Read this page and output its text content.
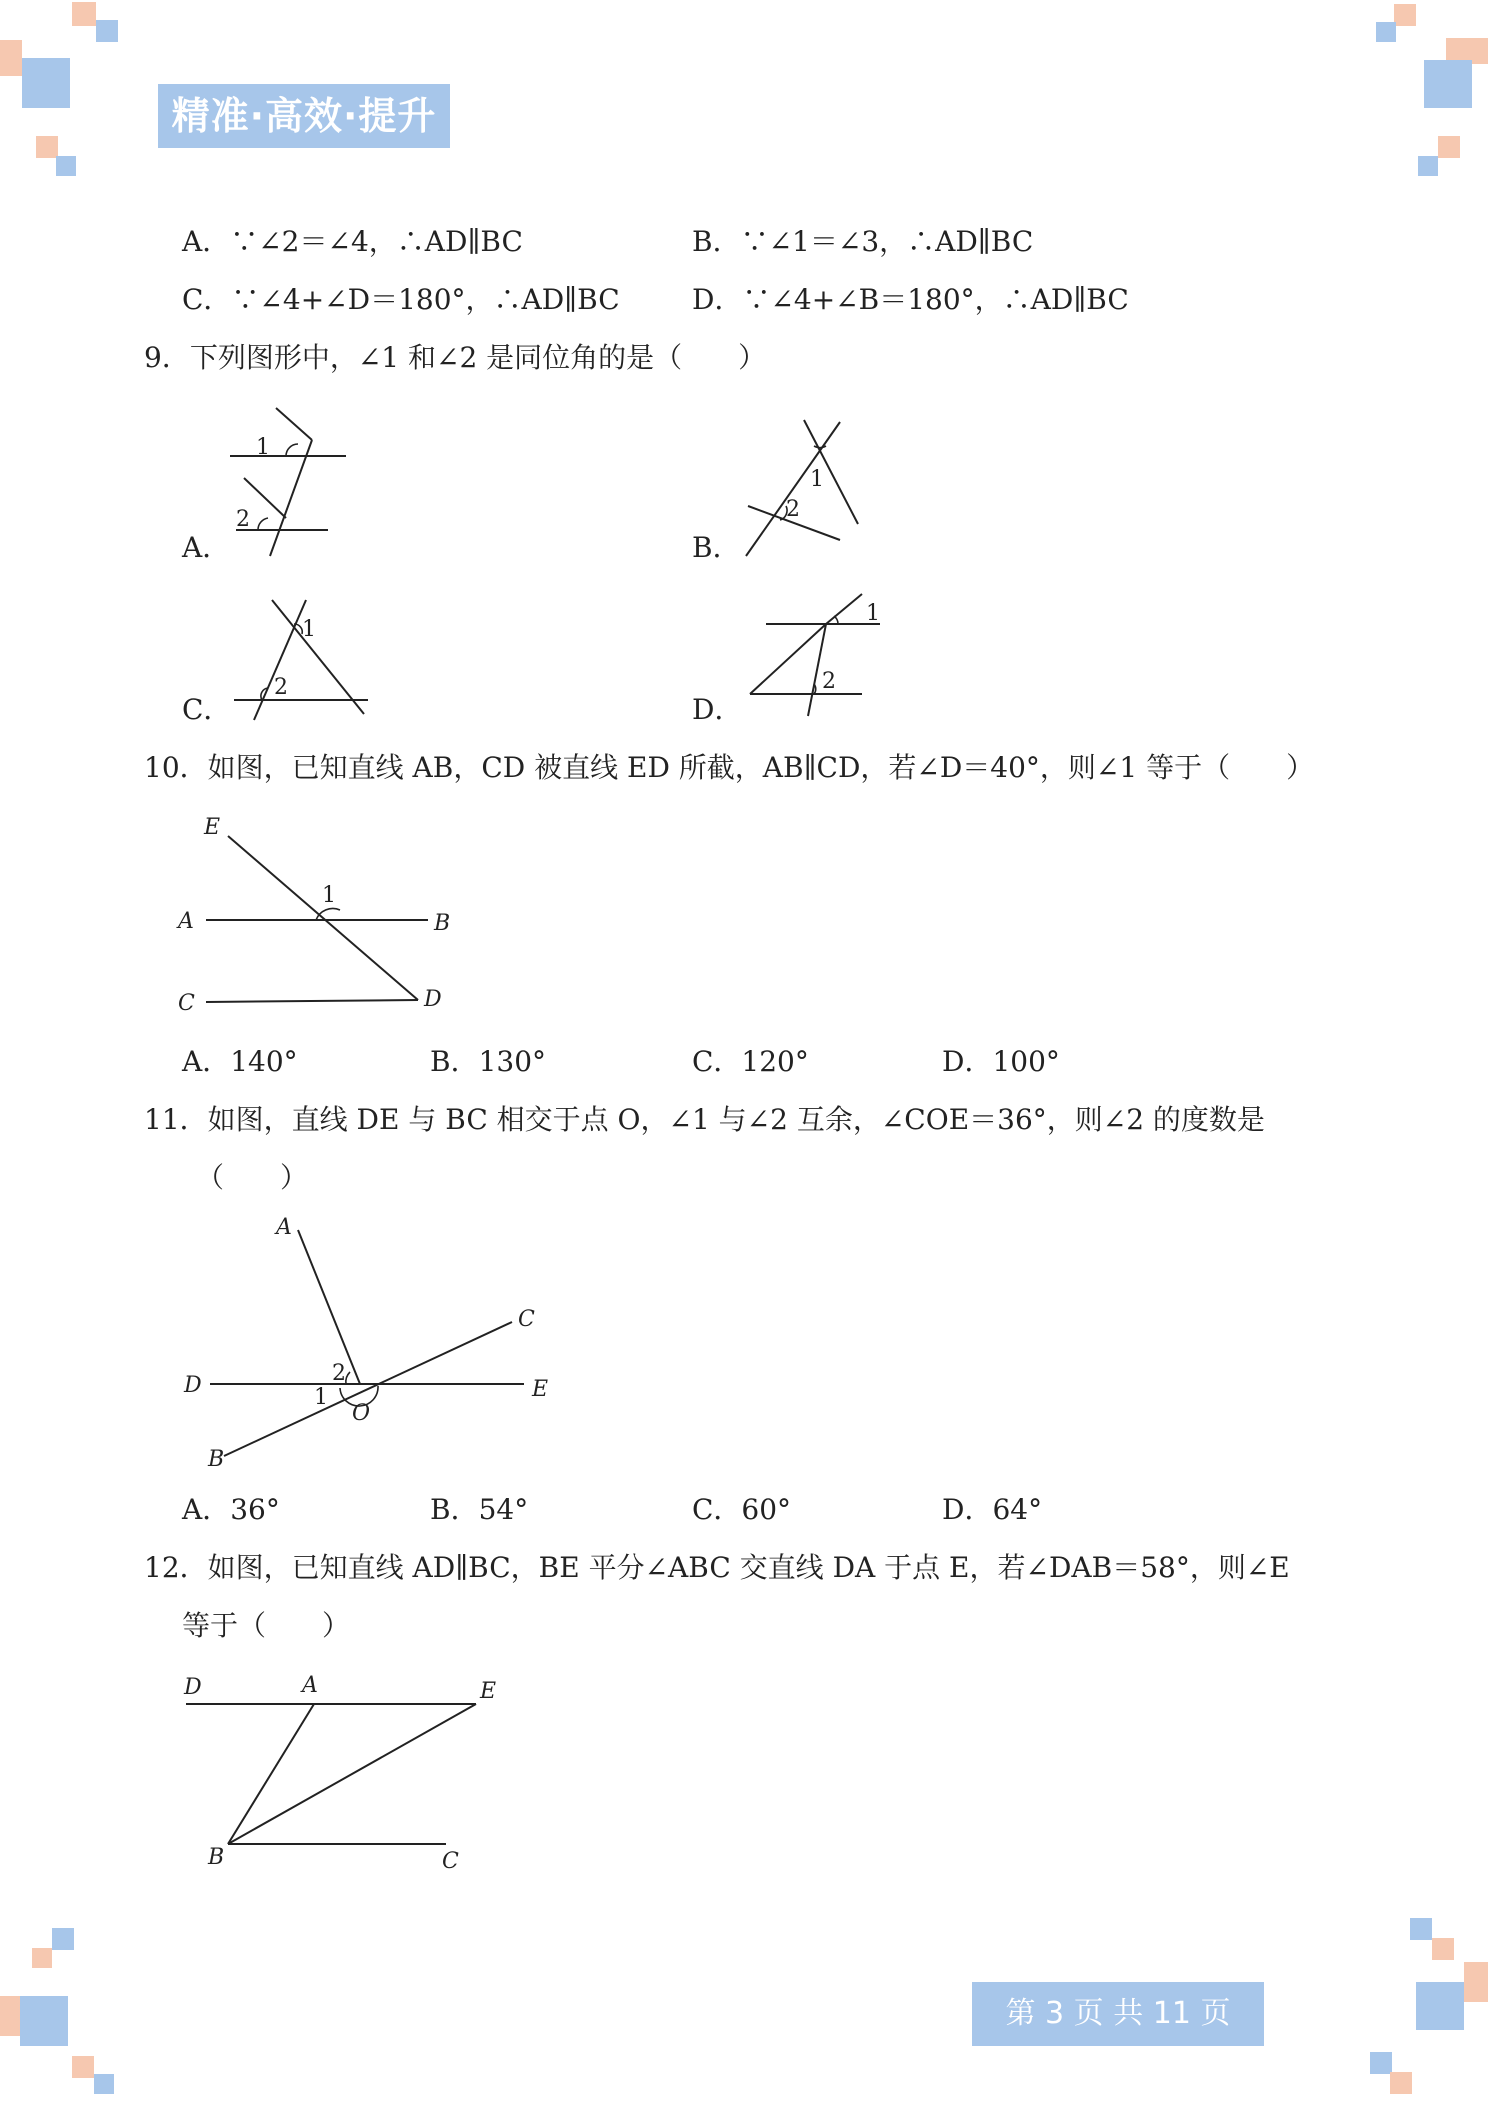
精准·高效·提升
A．∵∠2＝∠4，∴AD∥BC	B．∵∠1＝∠3，∴AD∥BC
C．∵∠4+∠D＝180°，∴AD∥BC	D．∵∠4+∠B＝180°，∴AD∥BC
9．下列图形中，∠1 和∠2 是同位角的是（　　）
A．
1
2
B．
1
2
C．
1
2
D．
1
2
10．如图，已知直线 AB，CD 被直线 ED 所截，AB∥CD，若∠D＝40°，则∠1 等于（　　）
E
A	B
C	D
1
A．140°	B．130°	C．120°	D．100°
11．如图，直线 DE 与 BC 相交于点 O，∠1 与∠2 互余，∠COE＝36°，则∠2 的度数是
（　　）
A
C
D	E
O
B
1
2
A．36°	B．54°	C．60°	D．64°
12．如图，已知直线 AD∥BC，BE 平分∠ABC 交直线 DA 于点 E，若∠DAB＝58°，则∠E
等于（　　）
D	A	E
B	C
第 3 页 共 11 页
